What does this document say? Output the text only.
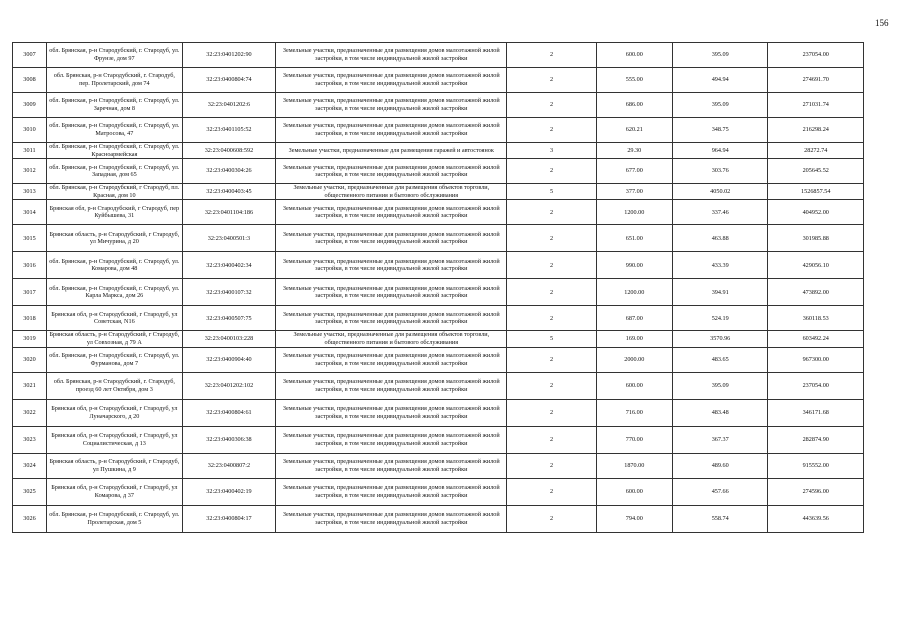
156
3007	обл. Брянская, р-н Стародубский, г. Стародуб, ул. Фрунзе, дом 97	32:23:0401202:90	Земельные участки, предназначенные для размещения домов малоэтажной жилой застройки, в том числе индивидуальной жилой застройки	2	600.00	395.09	237054.00
3008	обл. Брянская, р-н Стародубский, г. Стародуб, пер. Пролетарский, дом 74	32:23:0400804:74	Земельные участки, предназначенные для размещения домов малоэтажной жилой застройки, в том числе индивидуальной жилой застройки	2	555.00	494.94	274691.70
3009	обл. Брянская, р-н Стародубский, г. Стародуб, ул. Заречная, дом 8	32:23:0401202:6	Земельные участки, предназначенные для размещения домов малоэтажной жилой застройки, в том числе индивидуальной жилой застройки	2	686.00	395.09	271031.74
3010	обл. Брянская, р-н Стародубский, г. Стародуб, ул. Матросова, 47	32:23:0401105:52	Земельные участки, предназначенные для размещения домов малоэтажной жилой застройки, в том числе индивидуальной жилой застройки	2	620.21	348.75	216298.24
3011	обл. Брянская, р-н Стародубский, г. Стародуб, ул. Красноармейская	32:23:0400608:592	Земельные участки, предназначенные для размещения гаражей и автостоянок	3	29.30	964.94	28272.74
3012	обл. Брянская, р-н Стародубский, г. Стародуб, ул. Западная, дом 65	32:23:0400304:26	Земельные участки, предназначенные для размещения домов малоэтажной жилой застройки, в том числе индивидуальной жилой застройки	2	677.00	303.76	205645.52
3013	обл. Брянская, р-н Стародубский, г Стародуб, пл. Красная, дом 10	32:23:0400403:45	Земельные участки, предназначенные для размещения объектов торговли, общественного питания и бытового обслуживания	5	377.00	4050.02	1526857.54
3014	Брянская обл, р-н Стародубский, г Стародуб, пер Куйбышева, 31	32:23:0401104:186	Земельные участки, предназначенные для размещения домов малоэтажной жилой застройки, в том числе индивидуальной жилой застройки	2	1200.00	337.46	404952.00
3015	Брянская область, р-н Стародубский, г Стародуб, ул Мичурина, д 20	32:23:0400501:3	Земельные участки, предназначенные для размещения домов малоэтажной жилой застройки, в том числе индивидуальной жилой застройки	2	651.00	463.88	301985.88
3016	обл. Брянская, р-н Стародубский, г. Стародуб, ул. Комарова, дом 48	32:23:0400402:34	Земельные участки, предназначенные для размещения домов малоэтажной жилой застройки, в том числе индивидуальной жилой застройки	2	990.00	433.39	429056.10
3017	обл. Брянская, р-н Стародубский, г. Стародуб, ул. Карла Маркса, дом 26	32:23:0400107:32	Земельные участки, предназначенные для размещения домов малоэтажной жилой застройки, в том числе индивидуальной жилой застройки	2	1200.00	394.91	473892.00
3018	Брянская обл, р-н Стародубский, г Стародуб, ул Советская, N16	32:23:0400507:75	Земельные участки, предназначенные для размещения домов малоэтажной жилой застройки, в том числе индивидуальной жилой застройки	2	687.00	524.19	360118.53
3019	Брянская область, р-н Стародубский, г Стародуб, ул Совхозная, д 79 А	32:23:0400103:228	Земельные участки, предназначенные для размещения объектов торговли, общественного питания и бытового обслуживания	5	169.00	3570.96	603492.24
3020	обл. Брянская, р-н Стародубский, г. Стародуб, ул. Фурманова, дом 7	32:23:0400904:40	Земельные участки, предназначенные для размещения домов малоэтажной жилой застройки, в том числе индивидуальной жилой застройки	2	2000.00	483.65	967300.00
3021	обл. Брянская, р-н Стародубский, г. Стародуб, проезд 60 лет Октября, дом 3	32:23:0401202:102	Земельные участки, предназначенные для размещения домов малоэтажной жилой застройки, в том числе индивидуальной жилой застройки	2	600.00	395.09	237054.00
3022	Брянская обл, р-н Стародубский, г Стародуб, ул Луначарского, д 20	32:23:0400804:61	Земельные участки, предназначенные для размещения домов малоэтажной жилой застройки, в том числе индивидуальной жилой застройки	2	716.00	483.48	346171.68
3023	Брянская обл, р-н Стародубский, г Стародуб, ул Социалистическая, д 13	32:23:0400306:38	Земельные участки, предназначенные для размещения домов малоэтажной жилой застройки, в том числе индивидуальной жилой застройки	2	770.00	367.37	282874.90
3024	Брянская область, р-н Стародубский, г Стародуб, ул Пушкина, д 9	32:23:0400807:2	Земельные участки, предназначенные для размещения домов малоэтажной жилой застройки, в том числе индивидуальной жилой застройки	2	1870.00	489.60	915552.00
3025	Брянская обл, р-н Стародубский, г Стародуб, ул Комарова, д 37	32:23:0400402:19	Земельные участки, предназначенные для размещения домов малоэтажной жилой застройки, в том числе индивидуальной жилой застройки	2	600.00	457.66	274596.00
3026	обл. Брянская, р-н Стародубский, г. Стародуб, ул. Пролетарская, дом 5	32:23:0400804:17	Земельные участки, предназначенные для размещения домов малоэтажной жилой застройки, в том числе индивидуальной жилой застройки	2	794.00	558.74	443639.56
